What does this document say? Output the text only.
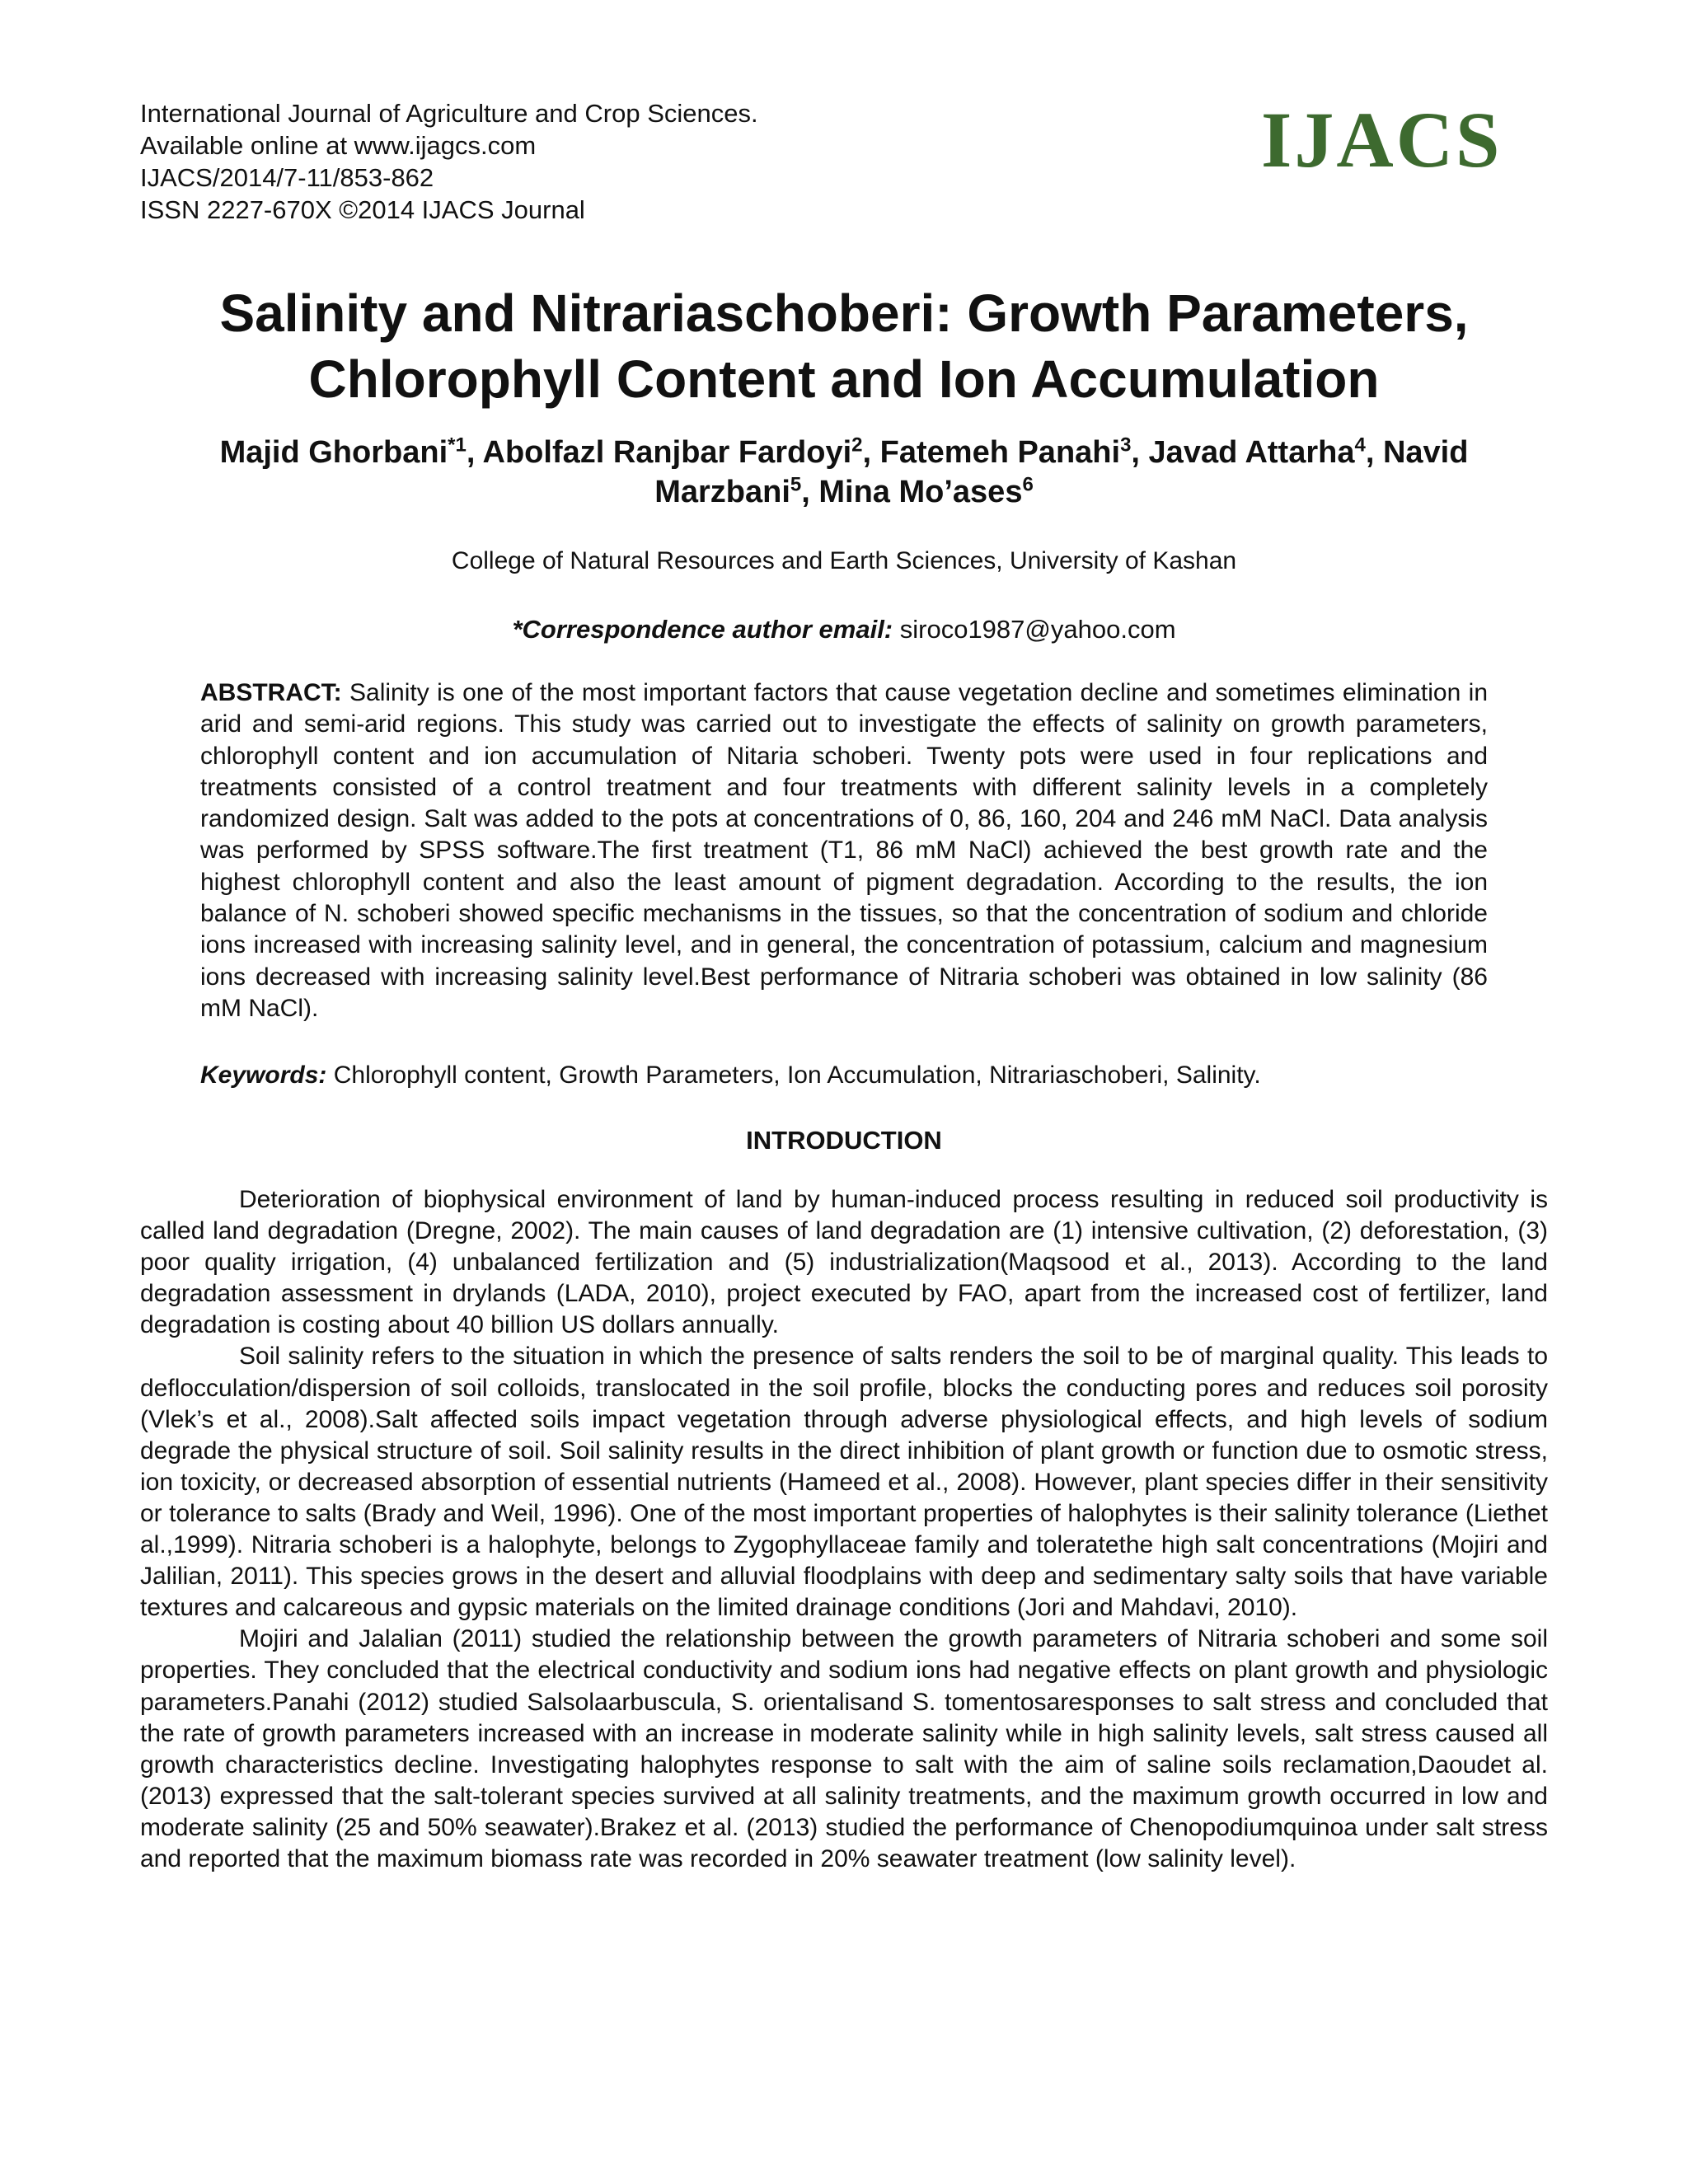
International Journal of Agriculture and Crop Sciences.
Available online at www.ijagcs.com
IJACS/2014/7-11/853-862
ISSN 2227-670X ©2014 IJACS Journal
IJACS
Salinity and Nitrariaschoberi: Growth Parameters,
Chlorophyll Content and Ion Accumulation
Majid Ghorbani$^{*1}$, Abolfazl Ranjbar Fardoyi$^2$, Fatemeh Panahi$^3$, Javad Attarha$^4$, Navid Marzbani$^5$, Mina Mo’ases$^6$
College of Natural Resources and Earth Sciences, University of Kashan
*Correspondence author email: siroco1987@yahoo.com

ABSTRACT: Salinity is one of the most important factors that cause vegetation decline and sometimes elimination in arid and semi-arid regions. This study was carried out to investigate the effects of salinity on growth parameters, chlorophyll content and ion accumulation of Nitaria schoberi. Twenty pots were used in four replications and treatments consisted of a control treatment and four treatments with different salinity levels in a completely randomized design. Salt was added to the pots at concentrations of 0, 86, 160, 204 and 246 mM NaCl. Data analysis was performed by SPSS software.The first treatment (T1, 86 mM NaCl) achieved the best growth rate and the highest chlorophyll content and also the least amount of pigment degradation. According to the results, the ion balance of N. schoberi showed specific mechanisms in the tissues, so that the concentration of sodium and chloride ions increased with increasing salinity level, and in general, the concentration of potassium, calcium and magnesium ions decreased with increasing salinity level.Best performance of Nitraria schoberi was obtained in low salinity (86 mM NaCl).

Keywords: Chlorophyll content, Growth Parameters, Ion Accumulation, Nitrariaschoberi, Salinity.

INTRODUCTION

Deterioration of biophysical environment of land by human-induced process resulting in reduced soil productivity is called land degradation (Dregne, 2002). The main causes of land degradation are (1) intensive cultivation, (2) deforestation, (3) poor quality irrigation, (4) unbalanced fertilization and (5) industrialization(Maqsood et al., 2013). According to the land degradation assessment in drylands (LADA, 2010), project executed by FAO, apart from the increased cost of fertilizer, land degradation is costing about 40 billion US dollars annually.

Soil salinity refers to the situation in which the presence of salts renders the soil to be of marginal quality. This leads to deflocculation/dispersion of soil colloids, translocated in the soil profile, blocks the conducting pores and reduces soil porosity (Vlek’s et al., 2008).Salt affected soils impact vegetation through adverse physiological effects, and high levels of sodium degrade the physical structure of soil. Soil salinity results in the direct inhibition of plant growth or function due to osmotic stress, ion toxicity, or decreased absorption of essential nutrients (Hameed et al., 2008). However, plant species differ in their sensitivity or tolerance to salts (Brady and Weil, 1996). One of the most important properties of halophytes is their salinity tolerance (Liethet al.,1999). Nitraria schoberi is a halophyte, belongs to Zygophyllaceae family and toleratethe high salt concentrations (Mojiri and Jalilian, 2011). This species grows in the desert and alluvial floodplains with deep and sedimentary salty soils that have variable textures and calcareous and gypsic materials on the limited drainage conditions (Jori and Mahdavi, 2010).

Mojiri and Jalalian (2011) studied the relationship between the growth parameters of Nitraria schoberi and some soil properties. They concluded that the electrical conductivity and sodium ions had negative effects on plant growth and physiologic parameters.Panahi (2012) studied Salsolaarbuscula, S. orientalisand S. tomentosaresponses to salt stress and concluded that the rate of growth parameters increased with an increase in moderate salinity while in high salinity levels, salt stress caused all growth characteristics decline. Investigating halophytes response to salt with the aim of saline soils reclamation,Daoudet al. (2013) expressed that the salt-tolerant species survived at all salinity treatments, and the maximum growth occurred in low and moderate salinity (25 and 50% seawater).Brakez et al. (2013) studied the performance of Chenopodiumquinoa under salt stress and reported that the maximum biomass rate was recorded in 20% seawater treatment (low salinity level).
